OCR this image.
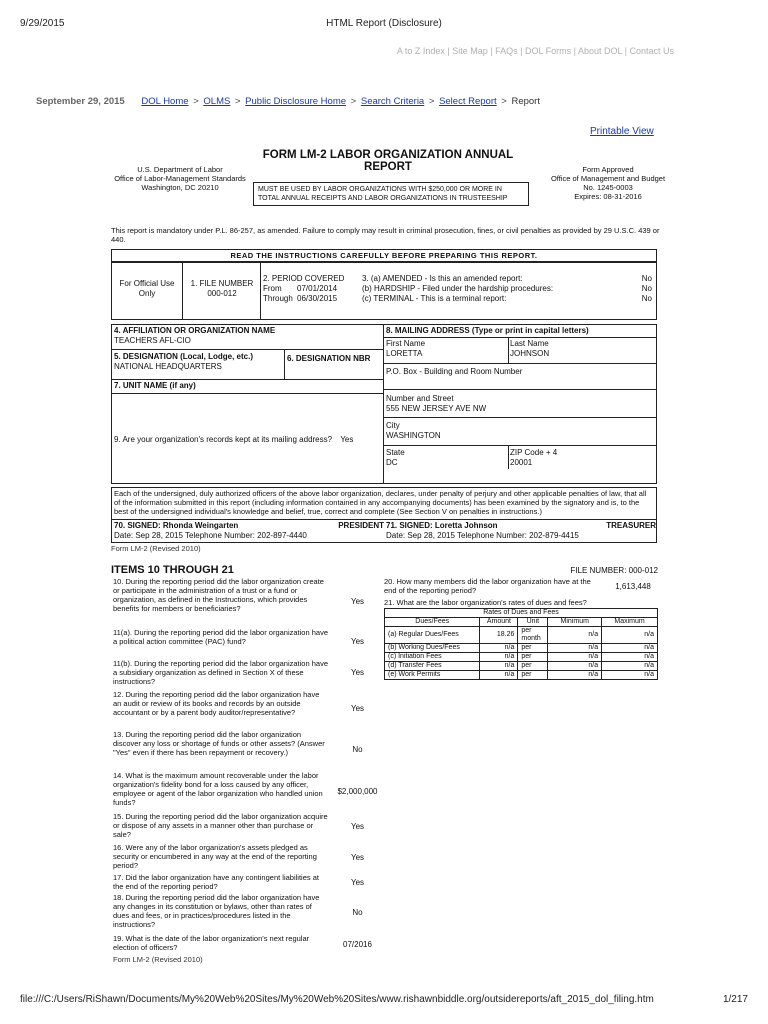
9/29/2015	HTML Report (Disclosure)
A to Z Index | Site Map | FAQs | DOL Forms | About DOL | Contact Us
September 29, 2015 DOL Home > OLMS > Public Disclosure Home > Search Criteria > Select Report > Report
Printable View
FORM LM-2 LABOR ORGANIZATION ANNUAL REPORT
U.S. Department of Labor
Office of Labor-Management Standards
Washington, DC 20210
Form Approved
Office of Management and Budget
No. 1245-0003
Expires: 08-31-2016
MUST BE USED BY LABOR ORGANIZATIONS WITH $250,000 OR MORE IN TOTAL ANNUAL RECEIPTS AND LABOR ORGANIZATIONS IN TRUSTEESHIP
This report is mandatory under P.L. 86-257, as amended. Failure to comply may result in criminal prosecution, fines, or civil penalties as provided by 29 U.S.C. 439 or 440.
READ THE INSTRUCTIONS CAREFULLY BEFORE PREPARING THIS REPORT.
For Official Use Only
1. FILE NUMBER
000-012
2. PERIOD COVERED
From 07/01/2014
Through 06/30/2015
3. (a) AMENDED - Is this an amended report:	No
(b) HARDSHIP - Filed under the hardship procedures:	No
(c) TERMINAL - This is a terminal report:	No
4. AFFILIATION OR ORGANIZATION NAME
TEACHERS AFL-CIO
5. DESIGNATION (Local, Lodge, etc.)
NATIONAL HEADQUARTERS
6. DESIGNATION NBR
7. UNIT NAME (if any)
9. Are your organization's records kept at its mailing address? Yes
8. MAILING ADDRESS (Type or print in capital letters)
First Name
LORETTA
Last Name
JOHNSON
P.O. Box - Building and Room Number
Number and Street
555 NEW JERSEY AVE NW
City
WASHINGTON
State
DC
ZIP Code + 4
20001
Each of the undersigned, duly authorized officers of the above labor organization, declares, under penalty of perjury and other applicable penalties of law, that all of the information submitted in this report (including information contained in any accompanying documents) has been examined by the signatory and is, to the best of the undersigned individual's knowledge and belief, true, correct and complete (See Section V on penalties in instructions.)
70. SIGNED: Rhonda Weingarten	PRESIDENT
Date: Sep 28, 2015 Telephone Number: 202-897-4440
71. SIGNED: Loretta Johnson	TREASURER
Date: Sep 28, 2015 Telephone Number: 202-879-4415
Form LM-2 (Revised 2010)
ITEMS 10 THROUGH 21	FILE NUMBER: 000-012
10. During the reporting period did the labor organization create or participate in the administration of a trust or a fund or organization, as defined in the Instructions, which provides benefits for members or beneficiaries?
Yes
11(a). During the reporting period did the labor organization have a political action committee (PAC) fund?	Yes
11(b). During the reporting period did the labor organization have a subsidiary organization as defined in Section X of these instructions?
Yes
12. During the reporting period did the labor organization have an audit or review of its books and records by an outside accountant or by a parent body auditor/representative?	Yes
13. During the reporting period did the labor organization discover any loss or shortage of funds or other assets? (Answer "Yes" even if there has been repayment or recovery.)	No
14. What is the maximum amount recoverable under the labor organization's fidelity bond for a loss caused by any officer, employee or agent of the labor organization who handled union funds?
$2,000,000
15. During the reporting period did the labor organization acquire or dispose of any assets in a manner other than purchase or sale?
Yes
16. Were any of the labor organization's assets pledged as security or encumbered in any way at the end of the reporting period?
Yes
17. Did the labor organization have any contingent liabilities at the end of the reporting period?	Yes
18. During the reporting period did the labor organization have any changes in its constitution or bylaws, other than rates of dues and fees, or in practices/procedures listed in the instructions?
No
19. What is the date of the labor organization's next regular election of officers?	07/2016
Form LM-2 (Revised 2010)
20. How many members did the labor organization have at the end of the reporting period?	1,613,448
21. What are the labor organization's rates of dues and fees?
Rates of Dues and Fees				
Dues/Fees	Amount	Unit	Minimum	Maximum
(a) Regular Dues/Fees	18.26	per month	n/a	n/a
(b) Working Dues/Fees	n/a	per	n/a	n/a
(c) Initiation Fees	n/a	per	n/a	n/a
(d) Transfer Fees	n/a	per	n/a	n/a
(e) Work Permits	n/a	per	n/a	n/a
file:///C:/Users/RiShawn/Documents/My%20Web%20Sites/My%20Web%20Sites/www.rishawnbiddle.org/outsidereports/aft_2015_dol_filing.htm	1/217
